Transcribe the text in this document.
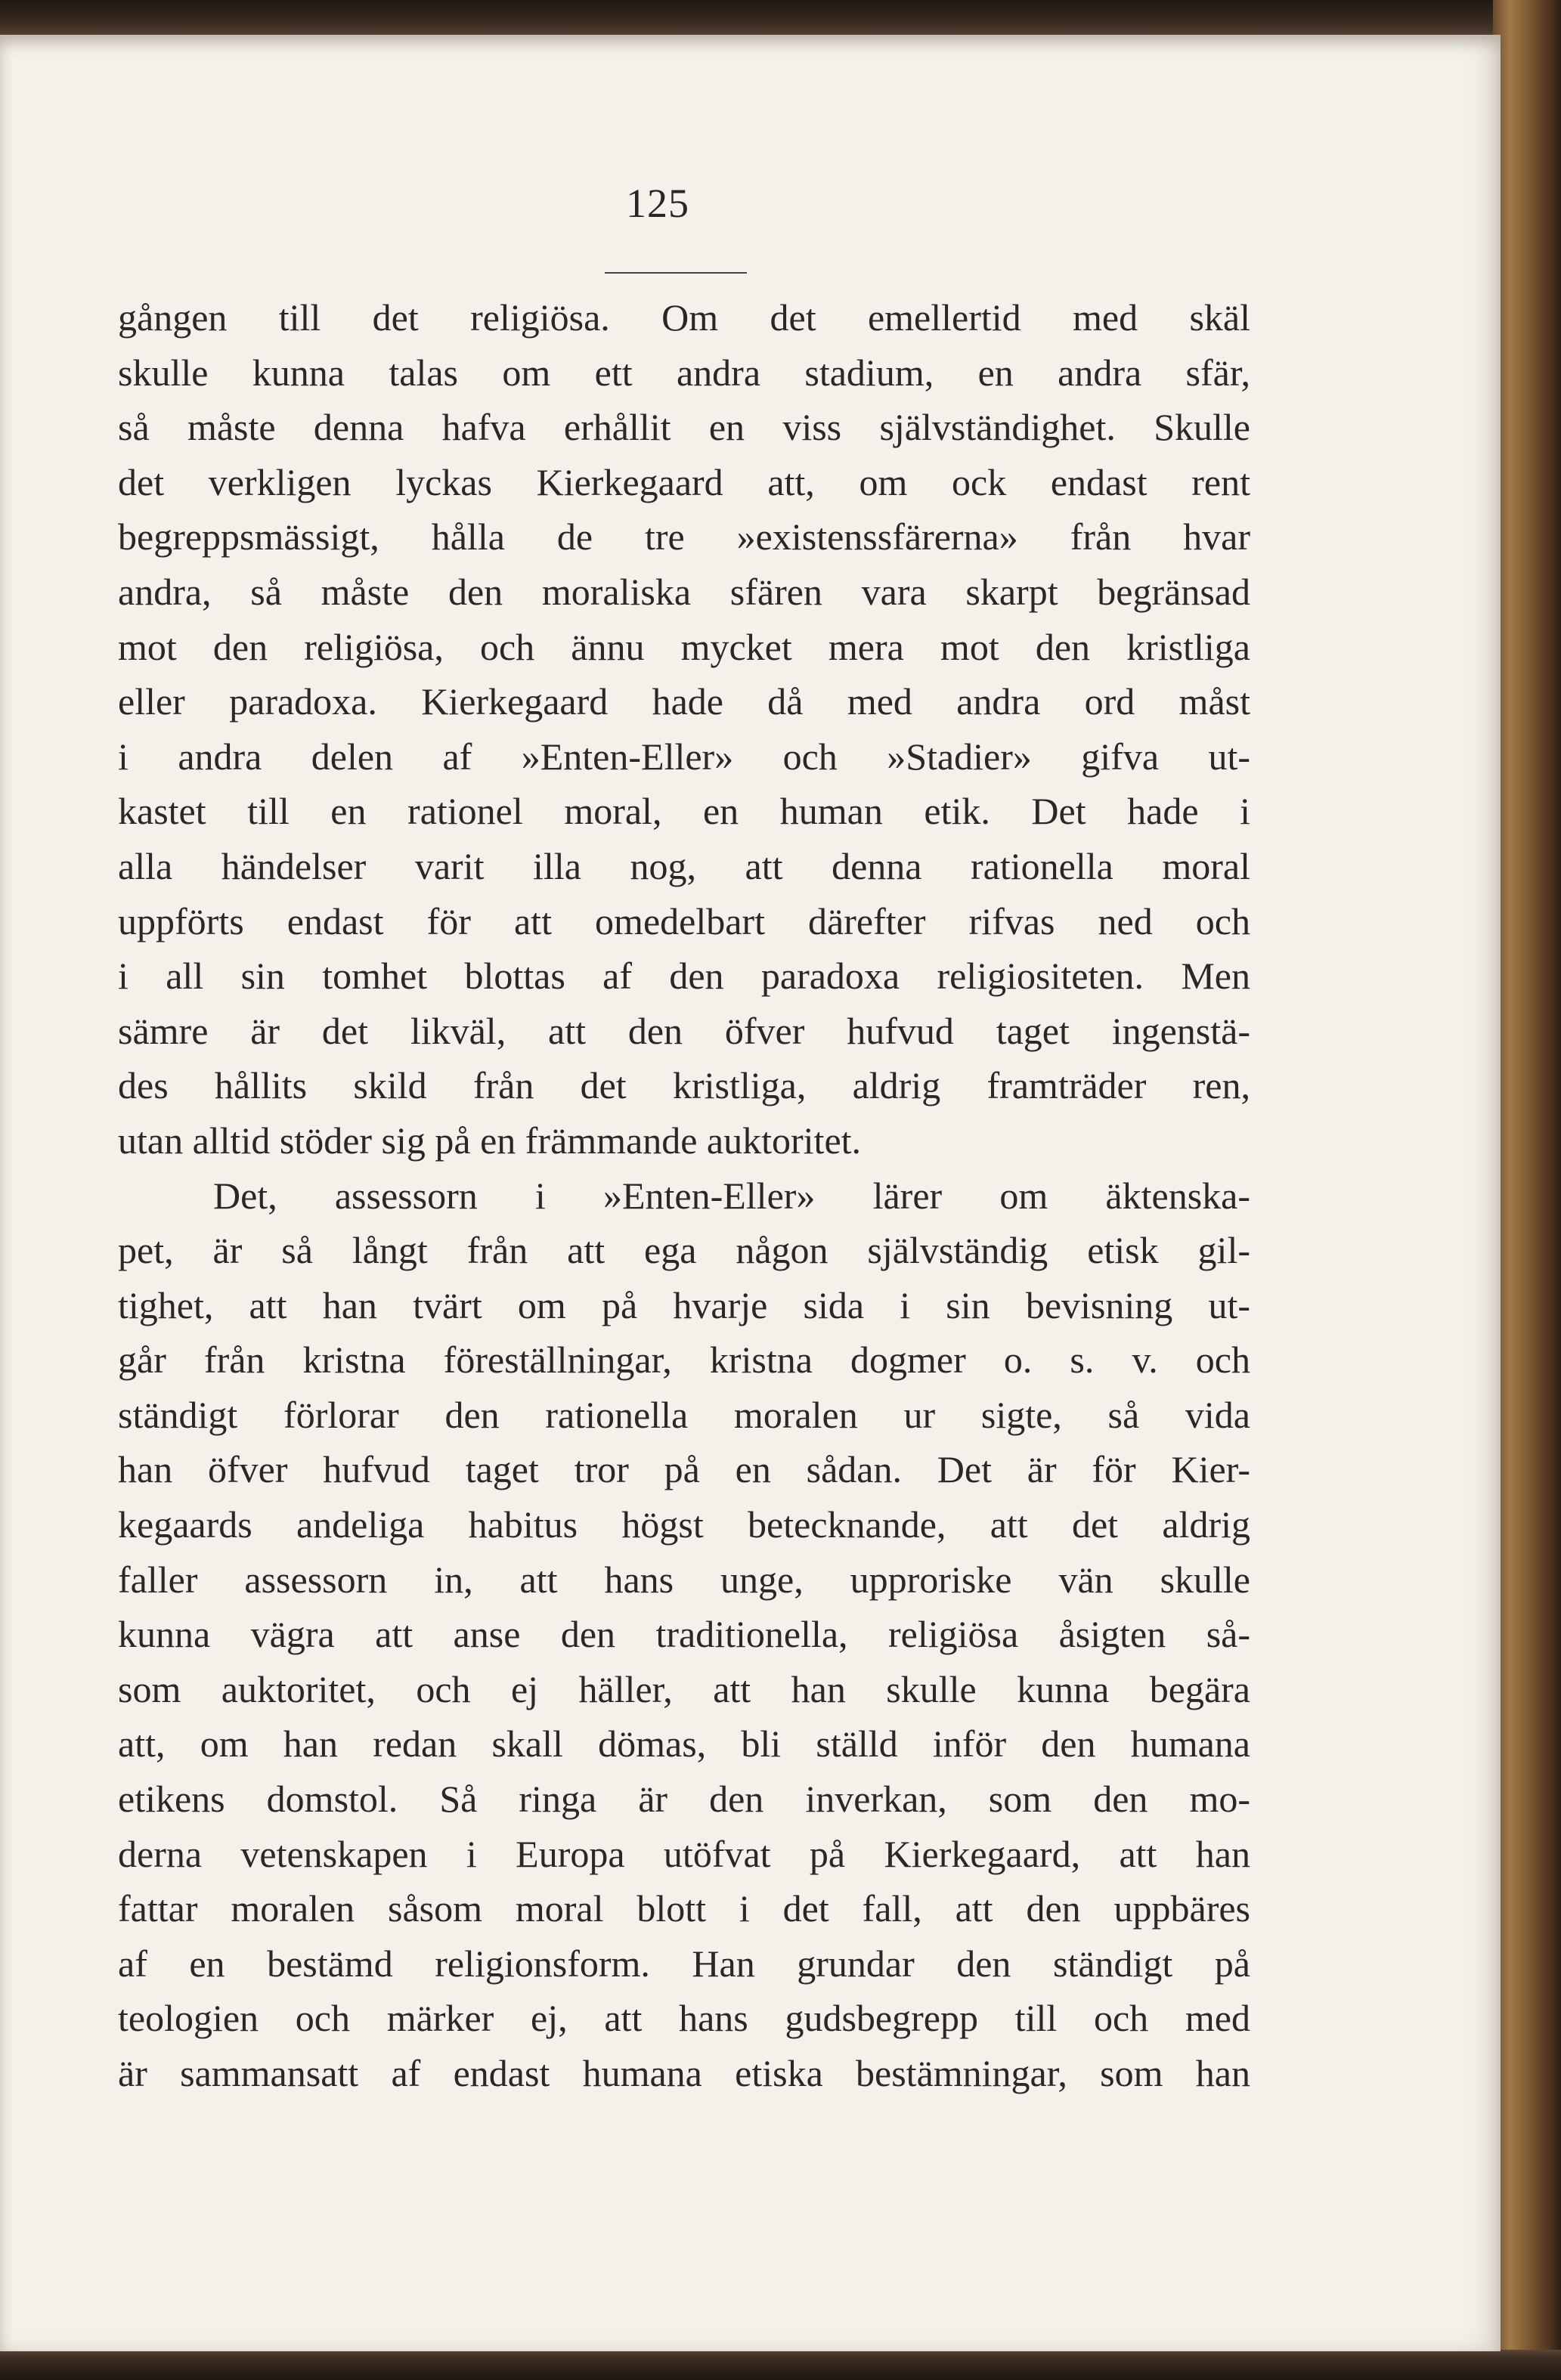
125
gången till det religiösa. Om det emellertid med skäl
skulle kunna talas om ett andra stadium, en andra sfär,
så måste denna hafva erhållit en viss självständighet. Skulle
det verkligen lyckas Kierkegaard att, om ock endast rent
begreppsmässigt, hålla de tre »existenssfärerna» från hvar
andra, så måste den moraliska sfären vara skarpt begränsad
mot den religiösa, och ännu mycket mera mot den kristliga
eller paradoxa. Kierkegaard hade då med andra ord måst
i andra delen af »Enten-Eller» och »Stadier» gifva ut-
kastet till en rationel moral, en human etik. Det hade i
alla händelser varit illa nog, att denna rationella moral
uppförts endast för att omedelbart därefter rifvas ned och
i all sin tomhet blottas af den paradoxa religiositeten. Men
sämre är det likväl, att den öfver hufvud taget ingenstä-
des hållits skild från det kristliga, aldrig framträder ren,
utan alltid stöder sig på en främmande auktoritet.
Det, assessorn i »Enten-Eller» lärer om äktenska-
pet, är så långt från att ega någon självständig etisk gil-
tighet, att han tvärt om på hvarje sida i sin bevisning ut-
går från kristna föreställningar, kristna dogmer o. s. v. och
ständigt förlorar den rationella moralen ur sigte, så vida
han öfver hufvud taget tror på en sådan. Det är för Kier-
kegaards andeliga habitus högst betecknande, att det aldrig
faller assessorn in, att hans unge, upproriske vän skulle
kunna vägra att anse den traditionella, religiösa åsigten så-
som auktoritet, och ej häller, att han skulle kunna begära
att, om han redan skall dömas, bli ställd inför den humana
etikens domstol. Så ringa är den inverkan, som den mo-
derna vetenskapen i Europa utöfvat på Kierkegaard, att han
fattar moralen såsom moral blott i det fall, att den uppbäres
af en bestämd religionsform. Han grundar den ständigt på
teologien och märker ej, att hans gudsbegrepp till och med
är sammansatt af endast humana etiska bestämningar, som han
